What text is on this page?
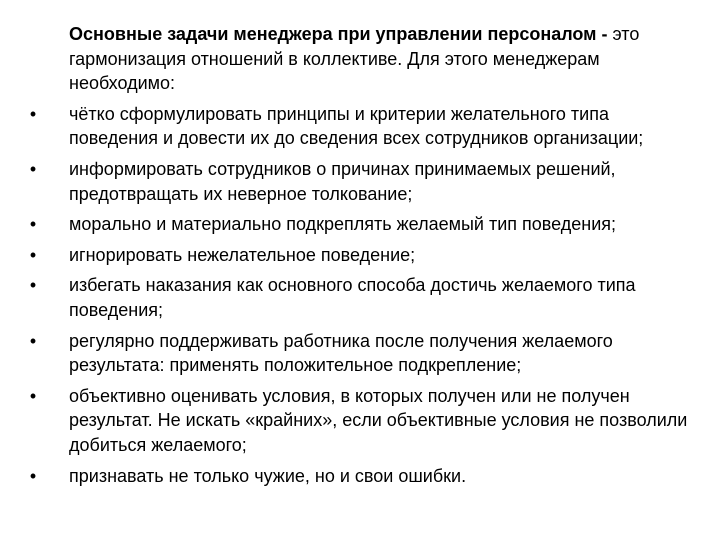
Основные задачи менеджера при управлении персоналом - это гармонизация отношений в коллективе. Для этого менеджерам необходимо:

• чётко сформулировать принципы и критерии желательного типа поведения и довести их до сведения всех сотрудников организации;
• информировать сотрудников о причинах принимаемых решений, предотвращать их неверное толкование;
• морально и материально подкреплять желаемый тип поведения;
• игнорировать нежелательное поведение;
• избегать наказания как основного способа достичь желаемого типа поведения;
• регулярно поддерживать работника после получения желаемого результата: применять положительное подкрепление;
• объективно оценивать условия, в которых получен или не получен результат. Не искать «крайних», если объективные условия не позволили добиться желаемого;
• признавать не только чужие, но и свои ошибки.
